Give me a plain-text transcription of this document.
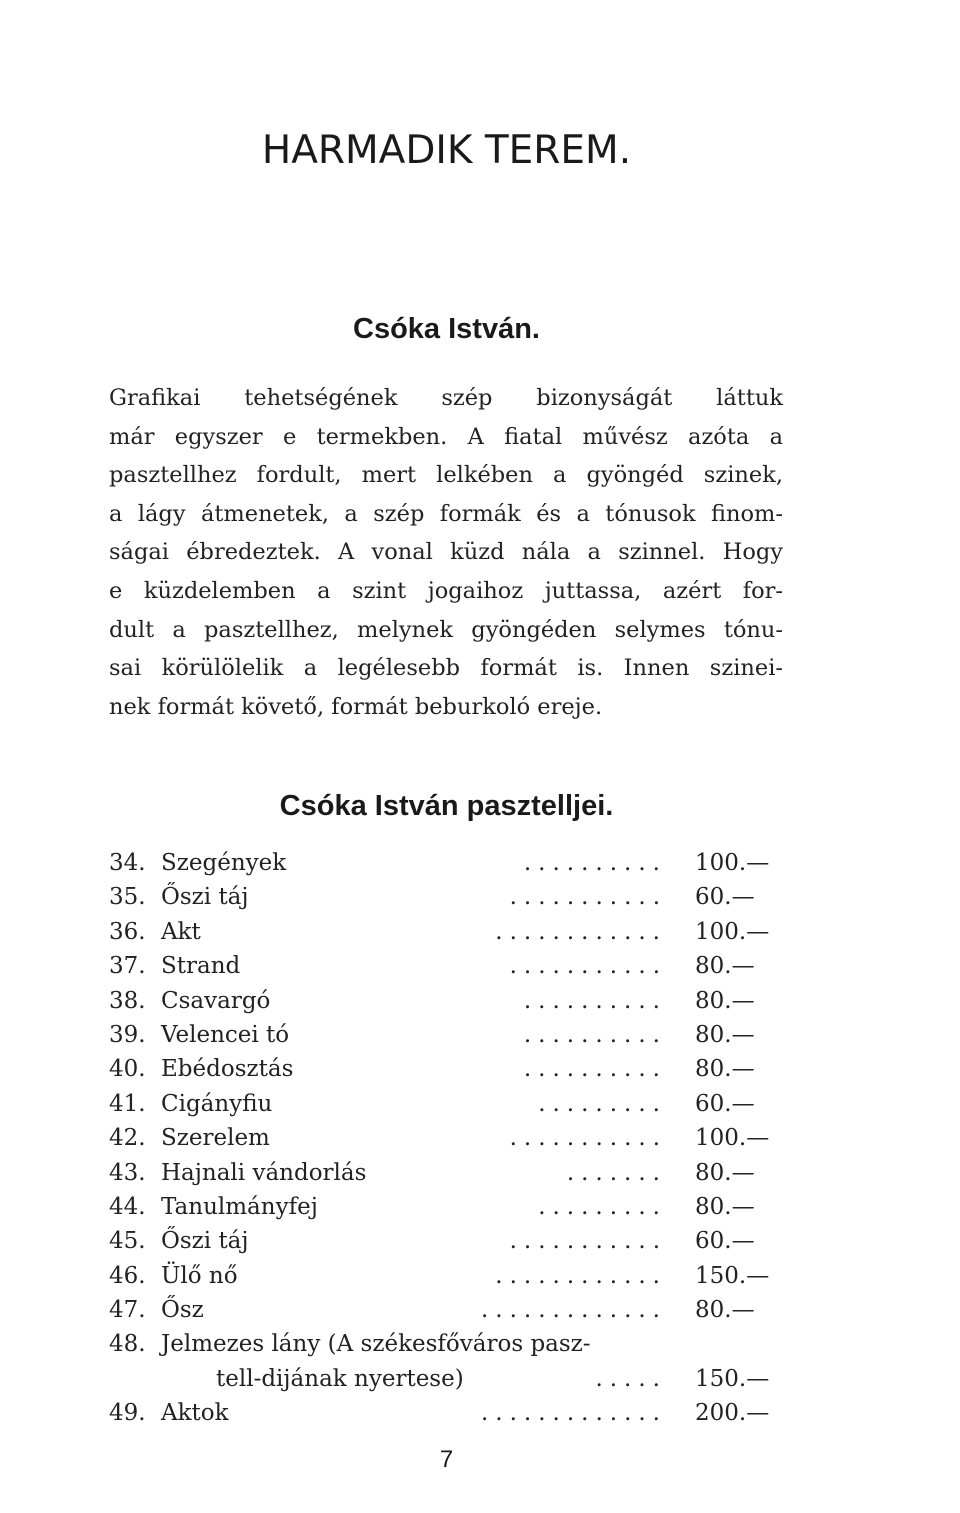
HARMADIK TEREM.
Csóka István.
Grafikai tehetségének szép bizonyságát láttuk
már egyszer e termekben. A fiatal művész azóta a
pasztellhez fordult, mert lelkében a gyöngéd szinek,
a lágy átmenetek, a szép formák és a tónusok finom-
ságai ébredeztek. A vonal küzd nála a szinnel. Hogy
e küzdelemben a szint jogaihoz juttassa, azért for-
dult a pasztellhez, melynek gyöngéden selymes tónu-
sai körülölelik a legélesebb formát is. Innen szinei-
nek formát követő, formát beburkoló ereje.
Csóka István pasztelljei.
34. Szegények	.......... 100.—
35. Őszi táj	........... 60.—
36. Akt	............ 100.—
37. Strand	........... 80.—
38. Csavargó	.......... 80.—
39. Velencei tó	.......... 80.—
40. Ebédosztás	.......... 80.—
41. Cigányfiu	......... 60.—
42. Szerelem	........... 100.—
43. Hajnali vándorlás	....... 80.—
44. Tanulmányfej	......... 80.—
45. Őszi táj	........... 60.—
46. Ülő nő	............ 150.—
47. Ősz	............. 80.—
48. Jelmezes lány (A székesfőváros pasz-
tell-dijának nyertese)	..... 150.—
49. Aktok	............. 200.—
7
